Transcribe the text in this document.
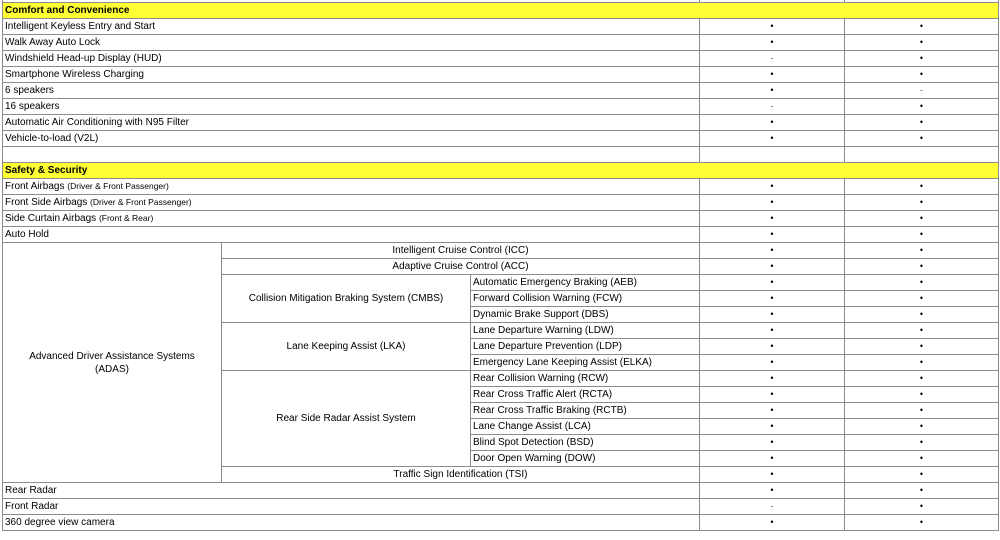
Comfort and Convenience				
Intelligent Keyless Entry and Start			•	•
Walk Away Auto Lock			•	•
Windshield Head-up Display (HUD)			-	•
Smartphone Wireless Charging			•	•
6 speakers			•	-
16 speakers			-	•
Automatic Air Conditioning with N95 Filter			•	•
Vehicle-to-load (V2L)			•	•

Safety & Security				
Front Airbags (Driver & Front Passenger)			•	•
Front Side Airbags (Driver & Front Passenger)			•	•
Side Curtain Airbags (Front & Rear)			•	•
Auto Hold			•	•
Advanced Driver Assistance Systems (ADAS)	Intelligent Cruise Control (ICC)		•	•
	Adaptive Cruise Control (ACC)		•	•
	Collision Mitigation Braking System (CMBS)	Automatic Emergency Braking (AEB)	•	•
		Forward Collision Warning (FCW)	•	•
		Dynamic Brake Support (DBS)	•	•
	Lane Keeping Assist (LKA)	Lane Departure Warning (LDW)	•	•
		Lane Departure Prevention (LDP)	•	•
		Emergency Lane Keeping Assist (ELKA)	•	•
	Rear Side Radar Assist System	Rear Collision Warning (RCW)	•	•
		Rear Cross Traffic Alert (RCTA)	•	•
		Rear Cross Traffic Braking (RCTB)	•	•
		Lane Change Assist (LCA)	•	•
		Blind Spot Detection (BSD)	•	•
		Door Open Warning (DOW)	•	•
	Traffic Sign Identification (TSI)		•	•
Rear Radar			•	•
Front Radar			-	•
360 degree view camera			•	•
